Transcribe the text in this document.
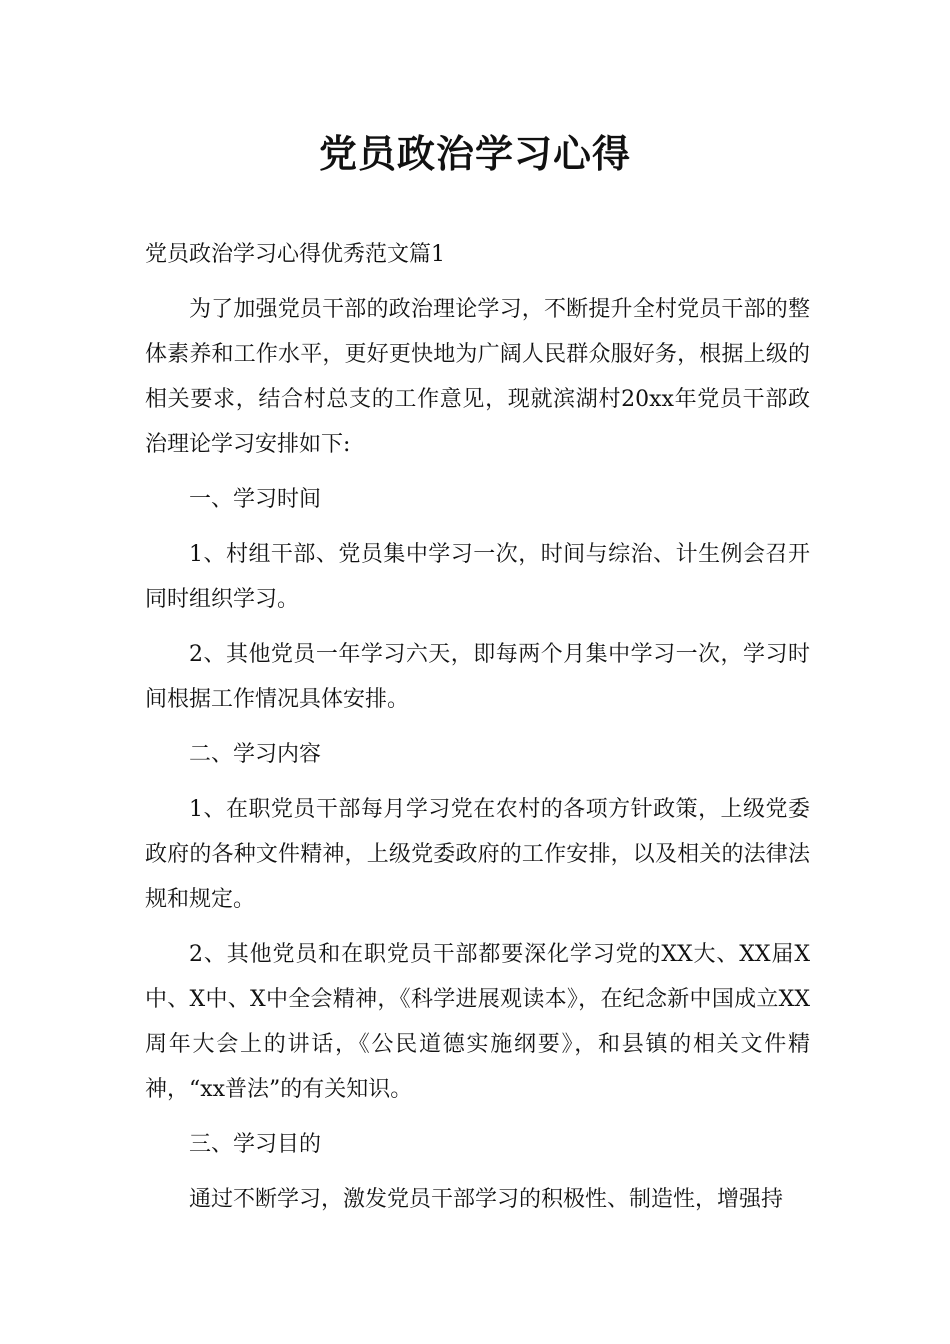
党员政治学习心得

党员政治学习心得优秀范文篇1

为了加强党员干部的政治理论学习，不断提升全村党员干部的整体素养和工作水平，更好更快地为广阔人民群众服好务，根据上级的相关要求，结合村总支的工作意见，现就滨湖村20xx年党员干部政治理论学习安排如下:

一、学习时间

1、村组干部、党员集中学习一次，时间与综治、计生例会召开同时组织学习。

2、其他党员一年学习六天，即每两个月集中学习一次，学习时间根据工作情况具体安排。

二、学习内容

1、在职党员干部每月学习党在农村的各项方针政策，上级党委政府的各种文件精神，上级党委政府的工作安排，以及相关的法律法规和规定。

2、其他党员和在职党员干部都要深化学习党的XX大、XX届X中、X中、X中全会精神，《科学进展观读本》，在纪念新中国成立XX周年大会上的讲话，《公民道德实施纲要》，和县镇的相关文件精神，“xx普法”的有关知识。

三、学习目的

通过不断学习，激发党员干部学习的积极性、制造性，增强持
